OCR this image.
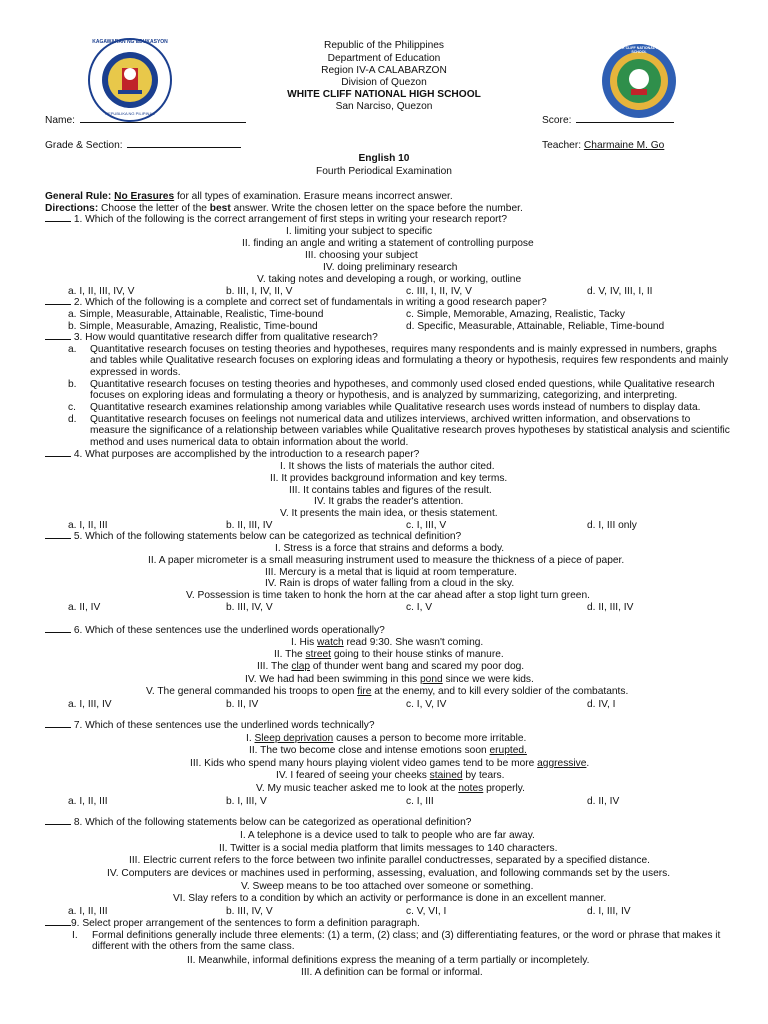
KAGAWARAN NG EDUKASYON
REPUBLIKA NG PILIPINAS
WHITE CLIFF NATIONAL HIGH SCHOOL
Republic of the Philippines
Department of Education
Region IV-A CALABARZON
Division of Quezon
WHITE CLIFF NATIONAL HIGH SCHOOL
San Narciso, Quezon
Name:	Score:
Grade & Section:	Teacher: Charmaine M. Go
English 10
Fourth Periodical Examination
General Rule: No Erasures for all types of examination. Erasure means incorrect answer.
Directions: Choose the letter of the best answer. Write the chosen letter on the space before the number.
1. Which of the following is the correct arrangement of first steps in writing your research report?
I. limiting your subject to specific
II. finding an angle and writing a statement of controlling purpose
III. choosing your subject
IV. doing preliminary research
V. taking notes and developing a rough, or working, outline
a. I, II, III, IV, V	b. III, I, IV, II, V	c. III, I, II, IV, V	d. V, IV, III, I, II
2. Which of the following is a complete and correct set of fundamentals in writing a good research paper?
a. Simple, Measurable, Attainable, Realistic, Time-bound	c. Simple, Memorable, Amazing, Realistic, Tacky
b. Simple, Measurable, Amazing, Realistic, Time-bound	d. Specific, Measurable, Attainable, Reliable, Time-bound
3. How would quantitative research differ from qualitative research?
a. Quantitative research focuses on testing theories and hypotheses, requires many respondents and is mainly expressed in numbers, graphs and tables while Qualitative research focuses on exploring ideas and formulating a theory or hypothesis, requires few respondents and mainly expressed in words.
b. Quantitative research focuses on testing theories and hypotheses, and commonly used closed ended questions, while Qualitative research focuses on exploring ideas and formulating a theory or hypothesis, and is analyzed by summarizing, categorizing, and interpreting.
c. Quantitative research examines relationship among variables while Qualitative research uses words instead of numbers to display data.
d. Quantitative research focuses on feelings not numerical data and utilizes interviews, archived written information, and observations to measure the significance of a relationship between variables while Qualitative research proves hypotheses by statistical analysis and scientific method and uses numerical data to obtain information about the world.
4. What purposes are accomplished by the introduction to a research paper?
I. It shows the lists of materials the author cited.
II. It provides background information and key terms.
III. It contains tables and figures of the result.
IV. It grabs the reader's attention.
V. It presents the main idea, or thesis statement.
a. I, II, III	b. II, III, IV	c. I, III, V	d. I, III only
5. Which of the following statements below can be categorized as technical definition?
I. Stress is a force that strains and deforms a body.
II. A paper micrometer is a small measuring instrument used to measure the thickness of a piece of paper.
III. Mercury is a metal that is liquid at room temperature.
IV. Rain is drops of water falling from a cloud in the sky.
V. Possession is time taken to honk the horn at the car ahead after a stop light turn green.
a. II, IV	b. III, IV, V	c. I, V	d. II, III, IV
6. Which of these sentences use the underlined words operationally?
I. His watch read 9:30. She wasn't coming.
II. The street going to their house stinks of manure.
III. The clap of thunder went bang and scared my poor dog.
IV. We had had been swimming in this pond since we were kids.
V. The general commanded his troops to open fire at the enemy, and to kill every soldier of the combatants.
a. I, III, IV	b. II, IV	c. I, V, IV	d. IV, I
7. Which of these sentences use the underlined words technically?
I. Sleep deprivation causes a person to become more irritable.
II. The two become close and intense emotions soon erupted.
III. Kids who spend many hours playing violent video games tend to be more aggressive.
IV. I feared of seeing your cheeks stained by tears.
V. My music teacher asked me to look at the notes properly.
a. I, II, III	b. I, III, V	c. I, III	d. II, IV
8. Which of the following statements below can be categorized as operational definition?
I. A telephone is a device used to talk to people who are far away.
II. Twitter is a social media platform that limits messages to 140 characters.
III. Electric current refers to the force between two infinite parallel conductresses, separated by a specified distance.
IV. Computers are devices or machines used in performing, assessing, evaluation, and following commands set by the users.
V. Sweep means to be too attached over someone or something.
VI. Slay refers to a condition by which an activity or performance is done in an excellent manner.
a. I, II, III	b. III, IV, V	c. V, VI, I	d. I, III, IV
9. Select proper arrangement of the sentences to form a definition paragraph.
I. Formal definitions generally include three elements: (1) a term, (2) class; and (3) differentiating features, or the word or phrase that makes it different with the others from the same class.
II. Meanwhile, informal definitions express the meaning of a term partially or incompletely.
III. A definition can be formal or informal.
